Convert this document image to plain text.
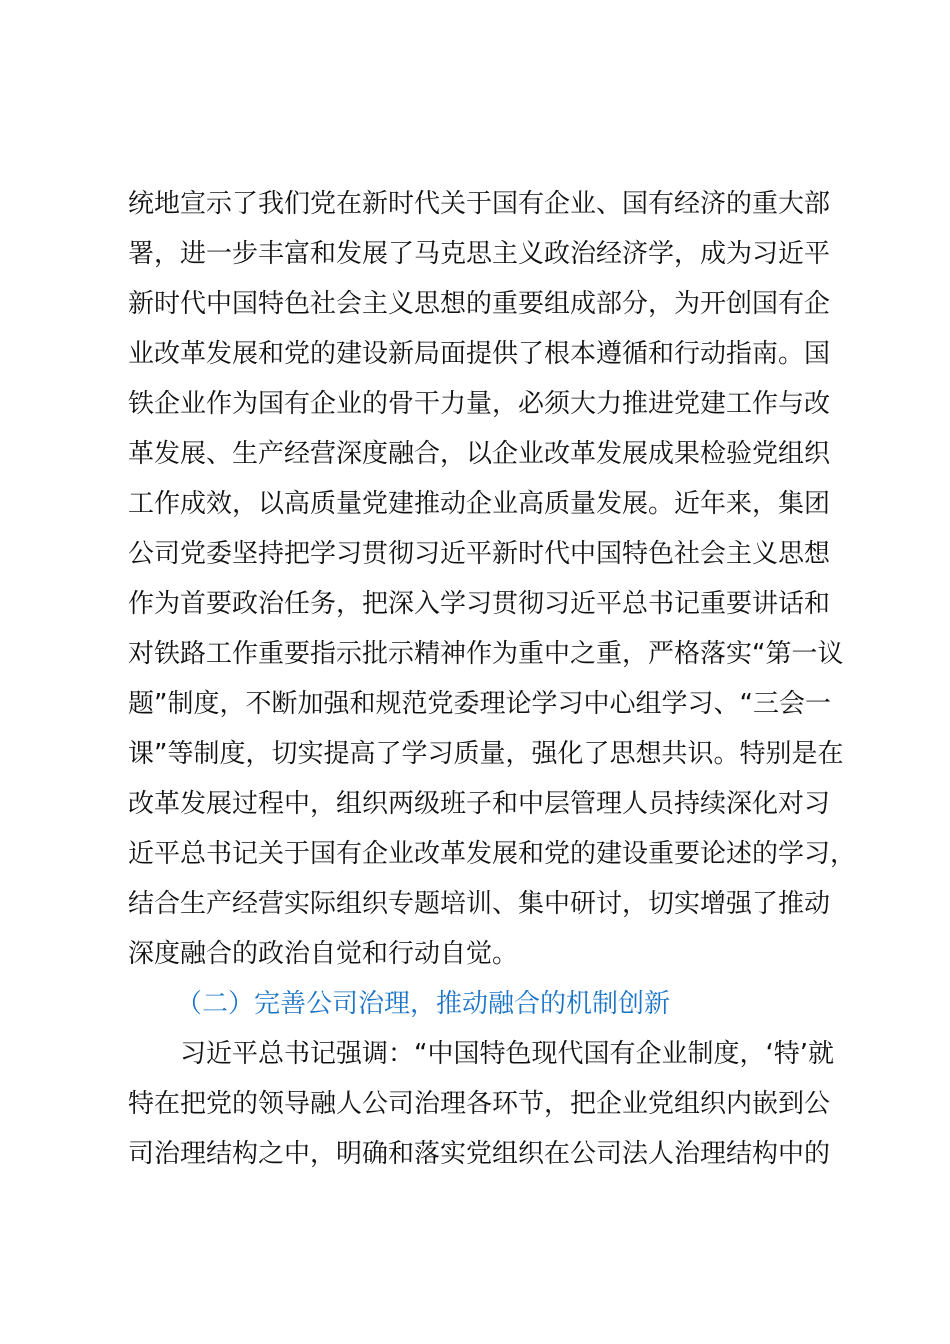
统地宣示了我们党在新时代关于国有企业、国有经济的重大部
署，进一步丰富和发展了马克思主义政治经济学，成为习近平
新时代中国特色社会主义思想的重要组成部分，为开创国有企
业改革发展和党的建设新局面提供了根本遵循和行动指南。国
铁企业作为国有企业的骨干力量，必须大力推进党建工作与改
革发展、生产经营深度融合，以企业改革发展成果检验党组织
工作成效，以高质量党建推动企业高质量发展。近年来，集团
公司党委坚持把学习贯彻习近平新时代中国特色社会主义思想
作为首要政治任务，把深入学习贯彻习近平总书记重要讲话和
对铁路工作重要指示批示精神作为重中之重，严格落实“第一议
题”制度，不断加强和规范党委理论学习中心组学习、“三会一
课”等制度，切实提高了学习质量，强化了思想共识。特别是在
改革发展过程中，组织两级班子和中层管理人员持续深化对习
近平总书记关于国有企业改革发展和党的建设重要论述的学习，
结合生产经营实际组织专题培训、集中研讨，切实增强了推动
深度融合的政治自觉和行动自觉。
（二）完善公司治理，推动融合的机制创新
习近平总书记强调：“中国特色现代国有企业制度，‘特’就
特在把党的领导融人公司治理各环节，把企业党组织内嵌到公
司治理结构之中，明确和落实党组织在公司法人治理结构中的
